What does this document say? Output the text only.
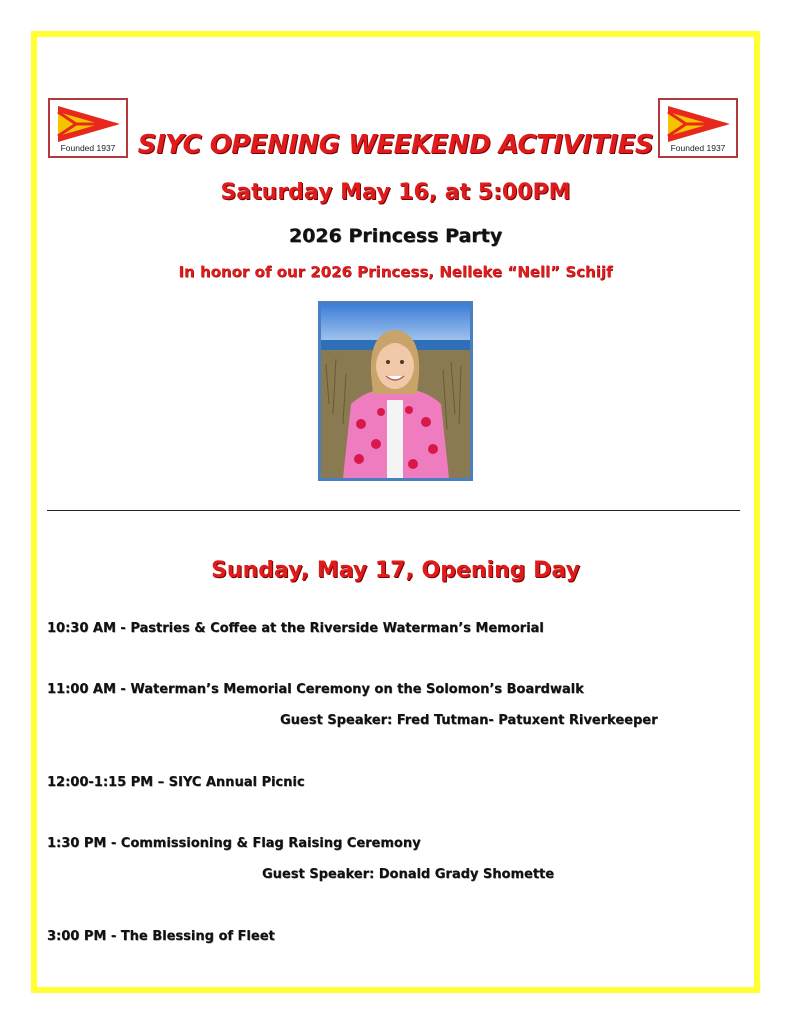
Founded 1937	Founded 1937
SIYC OPENING WEEKEND ACTIVITIES
Saturday May 16, at 5:00PM
2026 Princess Party
In honor of our 2026 Princess, Nelleke “Nell” Schijf
Sunday, May 17, Opening Day
10:30 AM - Pastries & Coffee at the Riverside Waterman’s Memorial
11:00 AM - Waterman’s Memorial Ceremony on the Solomon’s Boardwalk
Guest Speaker: Fred Tutman- Patuxent Riverkeeper
12:00-1:15 PM – SIYC Annual Picnic
1:30 PM - Commissioning & Flag Raising Ceremony
Guest Speaker: Donald Grady Shomette
3:00 PM - The Blessing of Fleet
